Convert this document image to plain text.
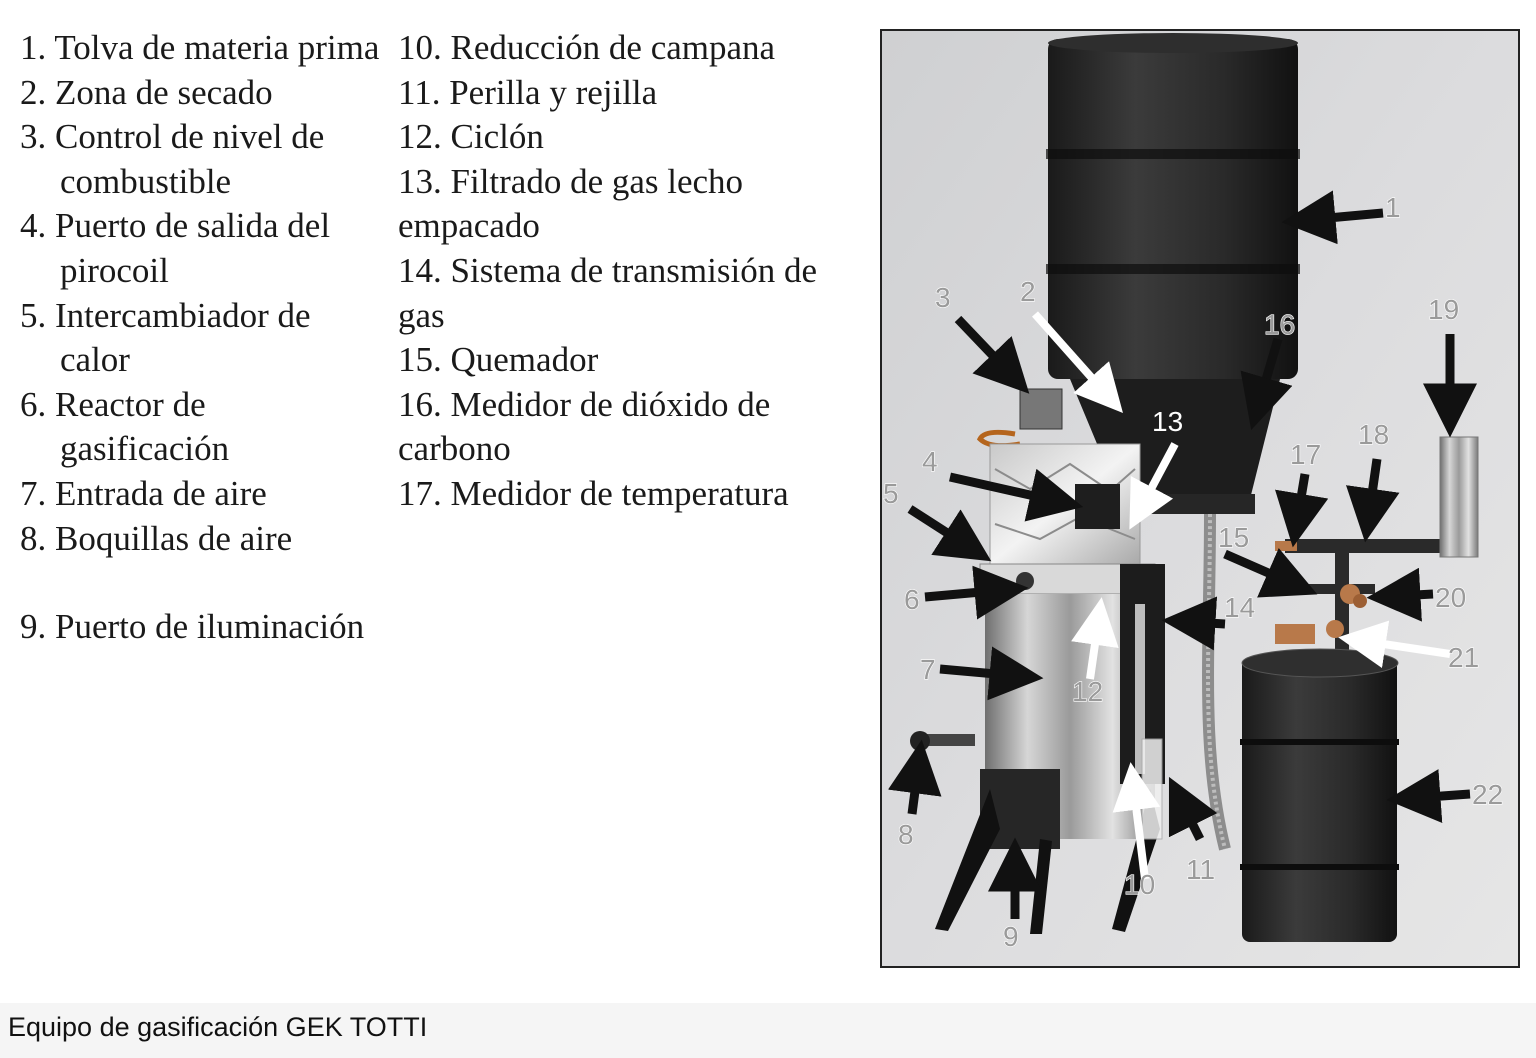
1. Tolva de materia prima
2. Zona de secado
3. Control de nivel de combustible
4. Puerto de salida del pirocoil
5. Intercambiador de calor
6. Reactor de gasificación
7. Entrada de aire
8. Boquillas de aire
9. Puerto de iluminación
10. Reducción de campana
11. Perilla y rejilla
12. Ciclón
13. Filtrado de gas lecho empacado
14. Sistema de transmisión de gas
15. Quemador
16. Medidor de dióxido de carbono
17. Medidor de temperatura
1
2
3
4
5
6
7
8
9
10 11
12
13
14
15
16
17
18
19
20
21
22
Equipo de gasificación GEK TOTTI
